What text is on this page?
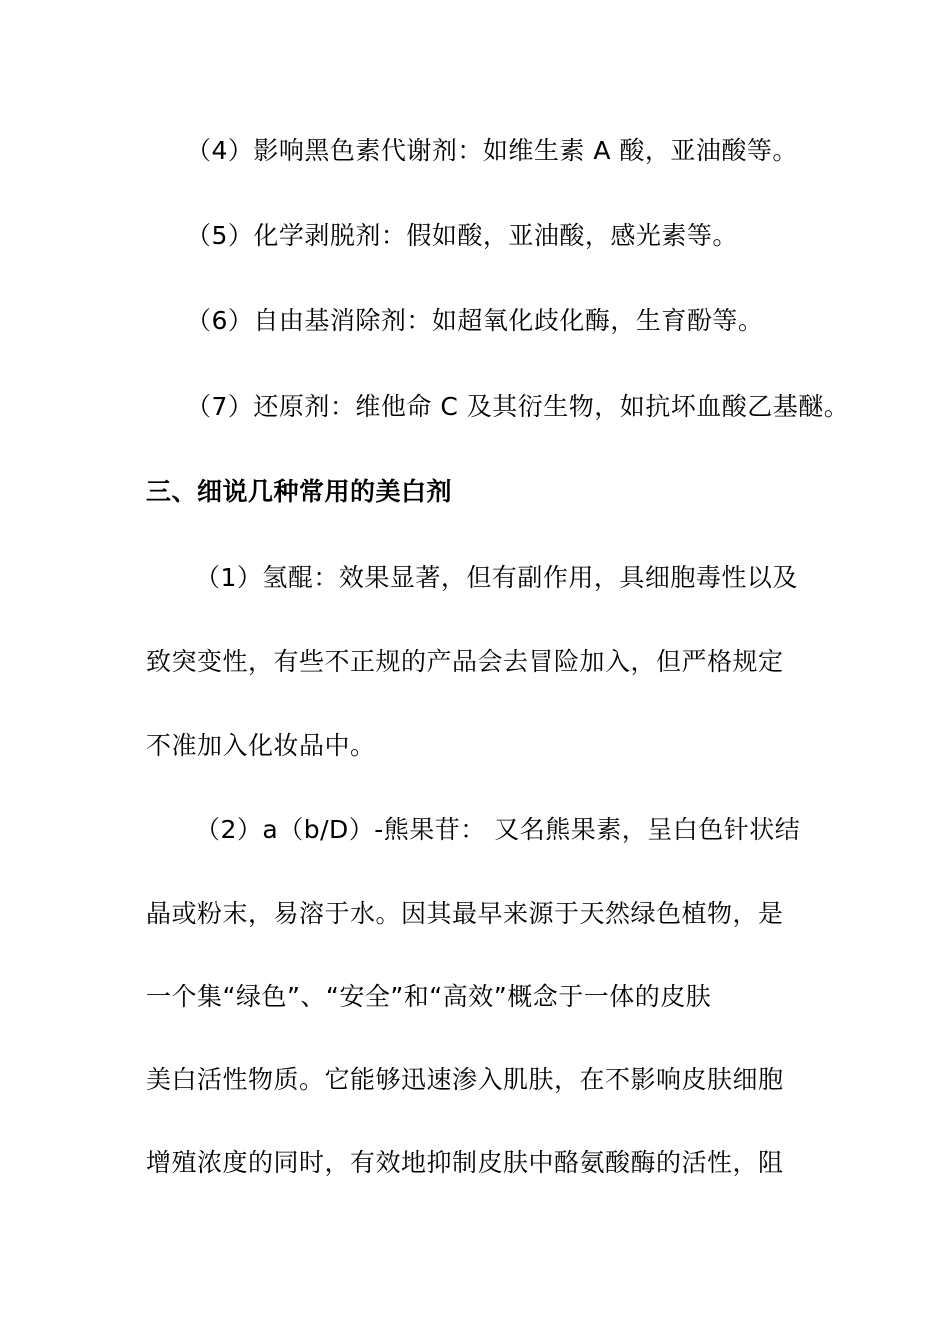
（4）影响黑色素代谢剂：如维生素 A 酸，亚油酸等。
（5）化学剥脱剂：假如酸，亚油酸，感光素等。
（6）自由基消除剂：如超氧化歧化酶，生育酚等。
（7）还原剂：维他命 C 及其衍生物，如抗坏血酸乙基醚。
三、细说几种常用的美白剂
（1）氢醌：效果显著，但有副作用，具细胞毒性以及
致突变性，有些不正规的产品会去冒险加入，但严格规定
不准加入化妆品中。
（2）a（b/D）-熊果苷： 又名熊果素，呈白色针状结
晶或粉末，易溶于水。因其最早来源于天然绿色植物，是
一个集“绿色”、“安全”和“高效”概念于一体的皮肤
美白活性物质。它能够迅速渗入肌肤，在不影响皮肤细胞
增殖浓度的同时，有效地抑制皮肤中酪氨酸酶的活性，阻
